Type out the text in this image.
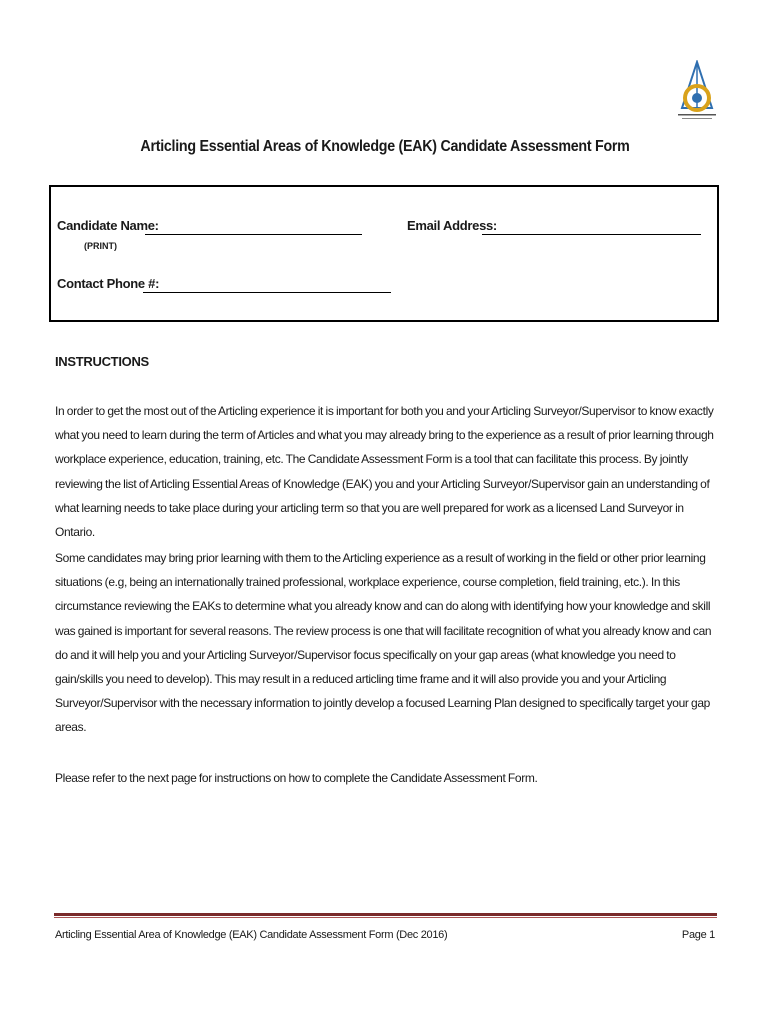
Articling Essential Areas of Knowledge (EAK) Candidate Assessment Form
Candidate Name:
(PRINT)
Email Address:
Contact Phone #:
INSTRUCTIONS
In order to get the most out of the Articling experience it is important for both you and your Articling Surveyor/Supervisor to know exactly what you need to learn during the term of Articles and what you may already bring to the experience as a result of prior learning through workplace experience, education, training, etc. The Candidate Assessment Form is a tool that can facilitate this process. By jointly reviewing the list of Articling Essential Areas of Knowledge (EAK) you and your Articling Surveyor/Supervisor gain an understanding of what learning needs to take place during your articling term so that you are well prepared for work as a licensed Land Surveyor in Ontario.
Some candidates may bring prior learning with them to the Articling experience as a result of working in the field or other prior learning situations (e.g, being an internationally trained professional, workplace experience, course completion, field training, etc.). In this circumstance reviewing the EAKs to determine what you already know and can do along with identifying how your knowledge and skill was gained is important for several reasons. The review process is one that will facilitate recognition of what you already know and can do and it will help you and your Articling Surveyor/Supervisor focus specifically on your gap areas (what knowledge you need to gain/skills you need to develop). This may result in a reduced articling time frame and it will also provide you and your Articling Surveyor/Supervisor with the necessary information to jointly develop a focused Learning Plan designed to specifically target your gap areas.
Please refer to the next page for instructions on how to complete the Candidate Assessment Form.
Articling Essential Area of Knowledge (EAK) Candidate Assessment Form (Dec 2016)	Page 1
